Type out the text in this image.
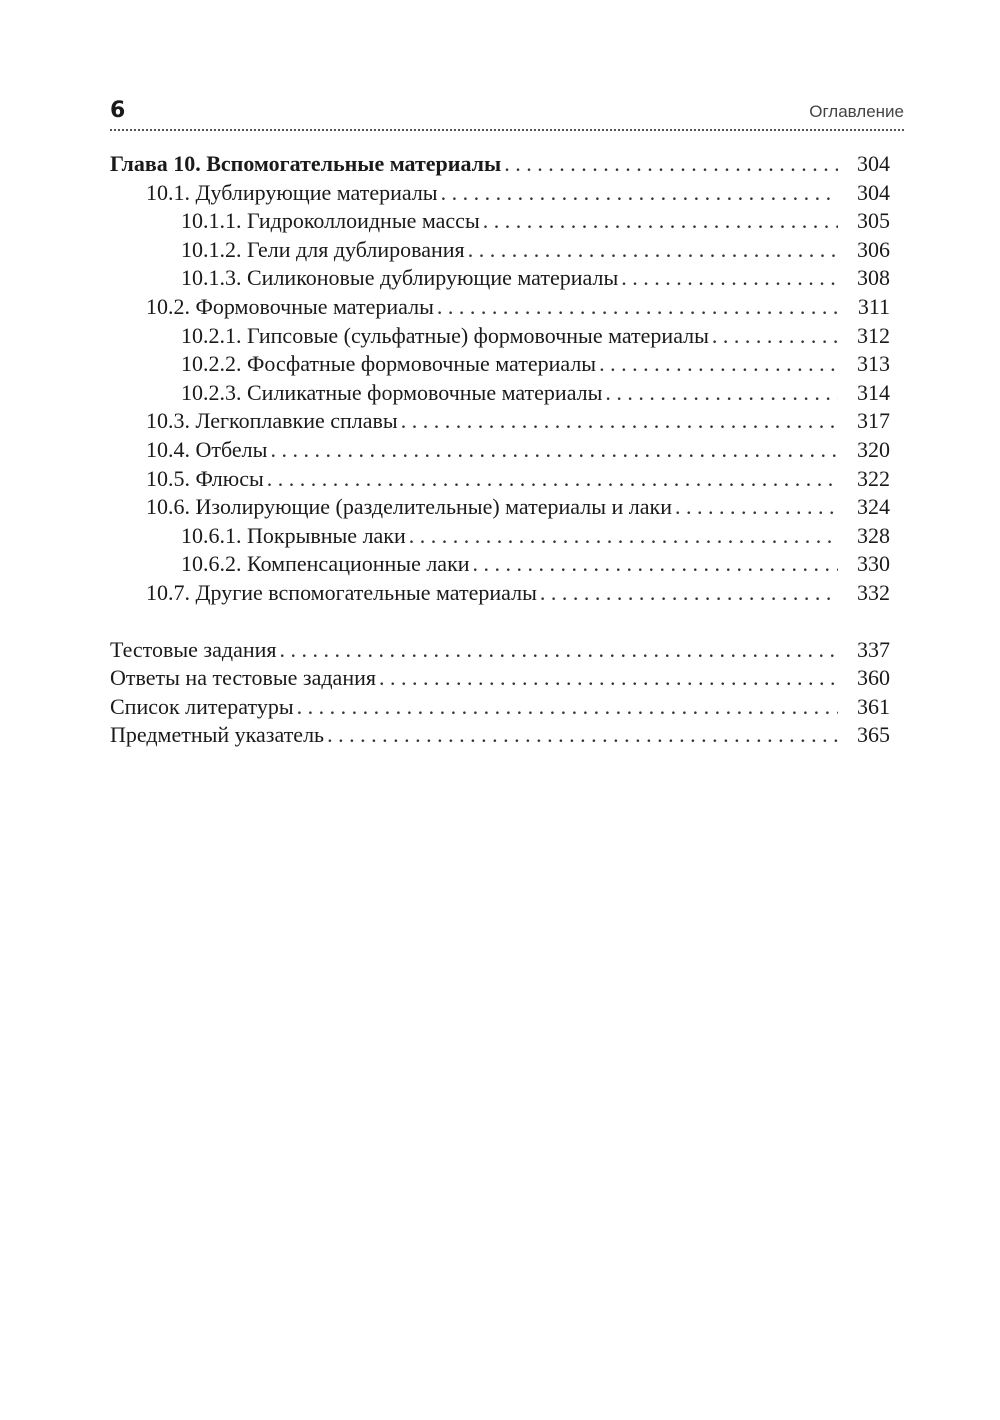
6	Оглавление
Глава 10. Вспомогательные материалы . . .	304
10.1. Дублирующие материалы . . .	304
10.1.1. Гидроколлоидные массы . . .	305
10.1.2. Гели для дублирования . . .	306
10.1.3. Силиконовые дублирующие материалы . . .	308
10.2. Формовочные материалы . . .	311
10.2.1. Гипсовые (сульфатные) формовочные материалы . . .	312
10.2.2. Фосфатные формовочные материалы . . .	313
10.2.3. Силикатные формовочные материалы . . .	314
10.3. Легкоплавкие сплавы . . .	317
10.4. Отбелы . . .	320
10.5. Флюсы . . .	322
10.6. Изолирующие (разделительные) материалы и лаки . . .	324
10.6.1. Покрывные лаки . . .	328
10.6.2. Компенсационные лаки . . .	330
10.7. Другие вспомогательные материалы . . .	332
Тестовые задания . . .	337
Ответы на тестовые задания . . .	360
Список литературы . . .	361
Предметный указатель . . .	365
